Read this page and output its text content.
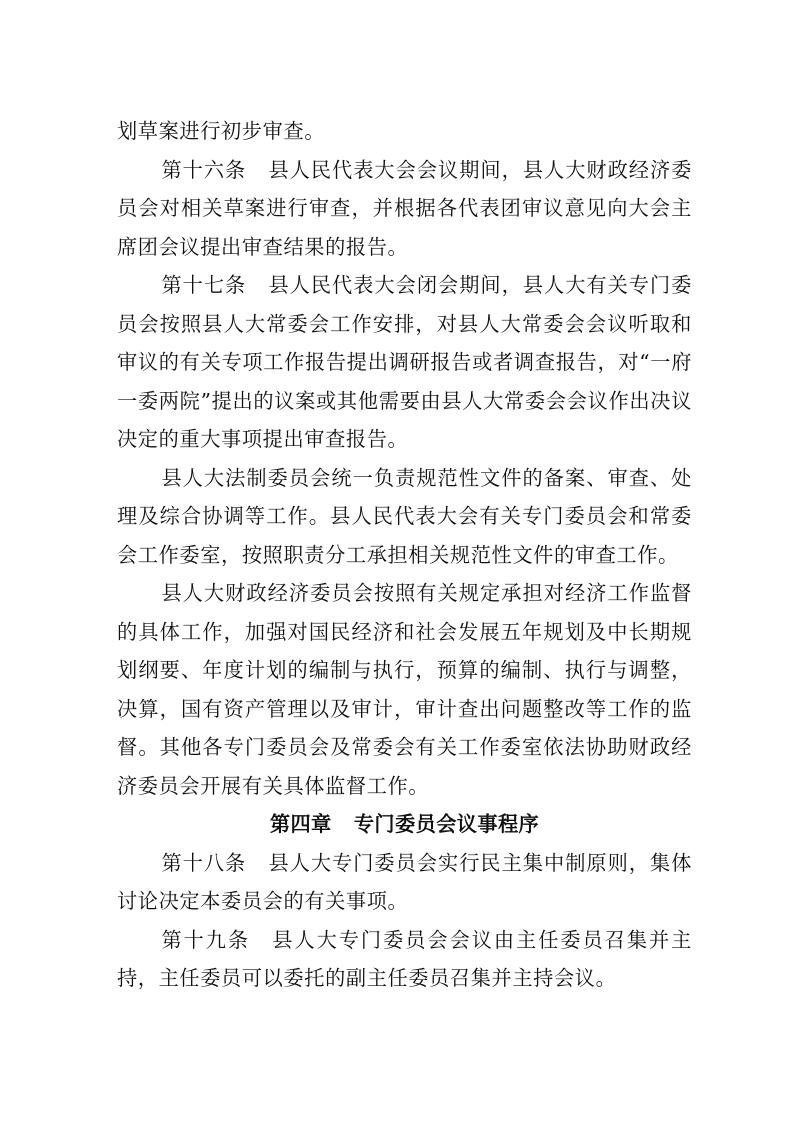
划草案进行初步审查。

第十六条 县人民代表大会会议期间，县人大财政经济委员会对相关草案进行审查，并根据各代表团审议意见向大会主席团会议提出审查结果的报告。

第十七条 县人民代表大会闭会期间，县人大有关专门委员会按照县人大常委会工作安排，对县人大常委会会议听取和审议的有关专项工作报告提出调研报告或者调查报告，对“一府一委两院”提出的议案或其他需要由县人大常委会会议作出决议决定的重大事项提出审查报告。

县人大法制委员会统一负责规范性文件的备案、审查、处理及综合协调等工作。县人民代表大会有关专门委员会和常委会工作委室，按照职责分工承担相关规范性文件的审查工作。

县人大财政经济委员会按照有关规定承担对经济工作监督的具体工作，加强对国民经济和社会发展五年规划及中长期规划纲要、年度计划的编制与执行，预算的编制、执行与调整，决算，国有资产管理以及审计，审计查出问题整改等工作的监督。其他各专门委员会及常委会有关工作委室依法协助财政经济委员会开展有关具体监督工作。

第四章 专门委员会议事程序

第十八条 县人大专门委员会实行民主集中制原则，集体讨论决定本委员会的有关事项。

第十九条 县人大专门委员会会议由主任委员召集并主持，主任委员可以委托的副主任委员召集并主持会议。
